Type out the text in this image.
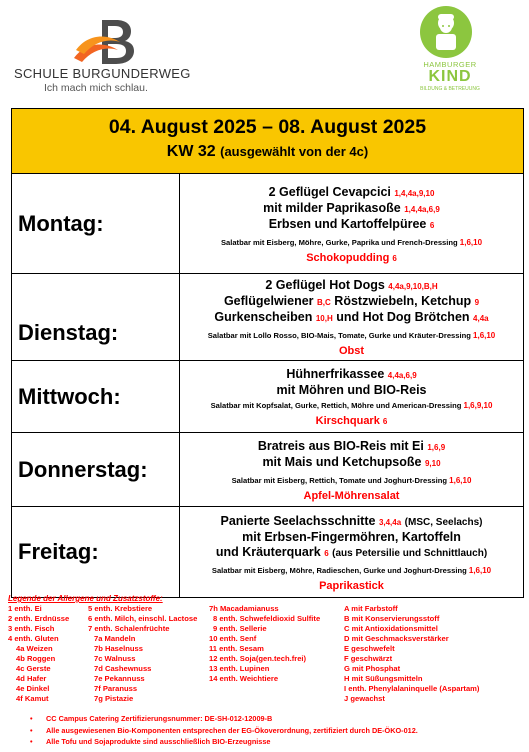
SCHULE BURGUNDERWEG
Ich mach mich schlau.
HAMBURGER
KIND
BILDUNG & BETREUUNG
04. August 2025 – 08. August 2025
KW 32 (ausgewählt von der 4c)
Montag:
2 Geflügel Cevapcici 1,4,4a,9,10
mit milder Paprikasoße 1,4,4a,6,9
Erbsen und Kartoffelpüree 6
Salatbar mit Eisberg, Möhre, Gurke, Paprika und French-Dressing 1,6,10
Schokopudding 6
Dienstag:
2 Geflügel Hot Dogs 4,4a,9,10,B,H
Geflügelwiener B,C Röstzwiebeln, Ketchup 9
Gurkenscheiben 10,H und Hot Dog Brötchen 4,4a
Salatbar mit Lollo Rosso, BIO-Mais, Tomate, Gurke und Kräuter-Dressing 1,6,10
Obst
Mittwoch:
Hühnerfrikassee 4,4a,6,9
mit Möhren und BIO-Reis
Salatbar mit Kopfsalat, Gurke, Rettich, Möhre und American-Dressing 1,6,9,10
Kirschquark 6
Donnerstag:
Bratreis aus BIO-Reis mit Ei 1,6,9
mit Mais und Ketchupsoße 9,10
Salatbar mit Eisberg, Rettich, Tomate und Joghurt-Dressing 1,6,10
Apfel-Möhrensalat
Freitag:
Panierte Seelachsschnitte 3,4,4a (MSC, Seelachs)
mit Erbsen-Fingermöhren, Kartoffeln
und Kräuterquark 6 (aus Petersilie und Schnittlauch)
Salatbar mit Eisberg, Möhre, Radieschen, Gurke und Joghurt-Dressing 1,6,10
Paprikastick
Legende der Allergene und Zusatzstoffe:
1 enth. Ei
2 enth. Erdnüsse
3 enth. Fisch
4 enth. Gluten
4a Weizen
4b Roggen
4c Gerste
4d Hafer
4e Dinkel
4f Kamut
5 enth. Krebstiere
6 enth. Milch, einschl. Lactose
7 enth. Schalenfrüchte
7a Mandeln
7b Haselnuss
7c Walnuss
7d Cashewnuss
7e Pekannuss
7f Paranuss
7g Pistazie
7h Macadamianuss
8 enth. Schwefeldioxid Sulfite
9 enth. Sellerie
10 enth. Senf
11 enth. Sesam
12 enth. Soja(gen.tech.frei)
13 enth. Lupinen
14 enth. Weichtiere
A mit Farbstoff
B mit Konservierungsstoff
C mit Antioxidationsmittel
D mit Geschmacksverstärker
E geschwefelt
F geschwärzt
G mit Phosphat
H mit Süßungsmitteln
I enth. Phenylalaninquelle (Aspartam)
J gewachst
• CC Campus Catering Zertifizierungsnummer: DE-SH-012-12009-B
• Alle ausgewiesenen Bio-Komponenten entsprechen der EG-Ökoverordnung, zertifiziert durch DE-ÖKO-012.
• Alle Tofu und Sojaprodukte sind ausschließlich BIO-Erzeugnisse
